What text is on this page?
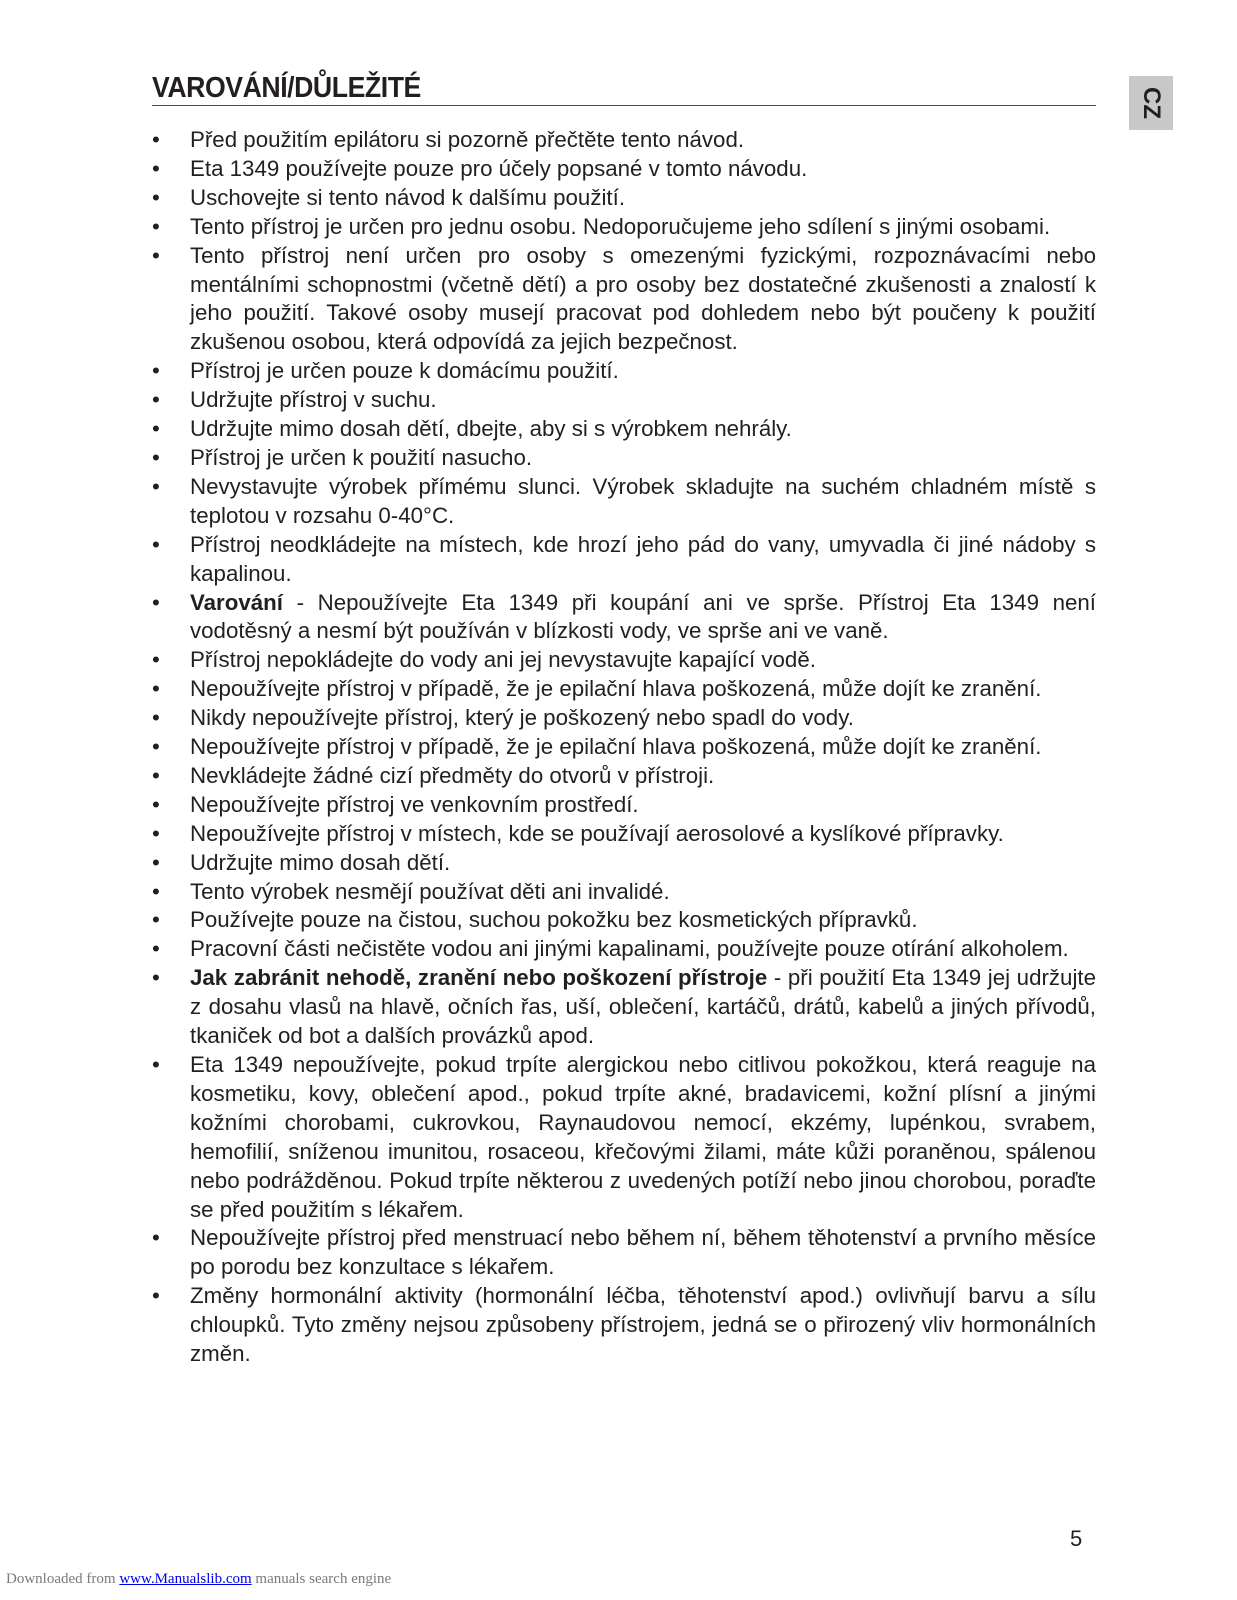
VAROVÁNÍ/DŮLEŽITÉ	CZ
• Před použitím epilátoru si pozorně přečtěte tento návod.
• Eta 1349 používejte pouze pro účely popsané v tomto návodu.
• Uschovejte si tento návod k dalšímu použití.
• Tento přístroj je určen pro jednu osobu. Nedoporučujeme jeho sdílení s jinými osobami.
• Tento přístroj není určen pro osoby s omezenými fyzickými, rozpoznávacími nebo mentálními schopnostmi (včetně dětí) a pro osoby bez dostatečné zkušenosti a znalostí k jeho použití. Takové osoby musejí pracovat pod dohledem nebo být poučeny k použití zkušenou osobou, která odpovídá za jejich bezpečnost.
• Přístroj je určen pouze k domácímu použití.
• Udržujte přístroj v suchu.
• Udržujte mimo dosah dětí, dbejte, aby si s výrobkem nehrály.
• Přístroj je určen k použití nasucho.
• Nevystavujte výrobek přímému slunci. Výrobek skladujte na suchém chladném místě s teplotou v rozsahu 0-40°C.
• Přístroj neodkládejte na místech, kde hrozí jeho pád do vany, umyvadla či jiné nádoby s kapalinou.
• Varování - Nepoužívejte Eta 1349 při koupání ani ve sprše. Přístroj Eta 1349 není vodotěsný a nesmí být používán v blízkosti vody, ve sprše ani ve vaně.
• Přístroj nepokládejte do vody ani jej nevystavujte kapající vodě.
• Nepoužívejte přístroj v případě, že je epilační hlava poškozená, může dojít ke zranění.
• Nikdy nepoužívejte přístroj, který je poškozený nebo spadl do vody.
• Nepoužívejte přístroj v případě, že je epilační hlava poškozená, může dojít ke zranění.
• Nevkládejte žádné cizí předměty do otvorů v přístroji.
• Nepoužívejte přístroj ve venkovním prostředí.
• Nepoužívejte přístroj v místech, kde se používají aerosolové a kyslíkové přípravky.
• Udržujte mimo dosah dětí.
• Tento výrobek nesmějí používat děti ani invalidé.
• Používejte pouze na čistou, suchou pokožku bez kosmetických přípravků.
• Pracovní části nečistěte vodou ani jinými kapalinami, používejte pouze otírání alkoholem.
• Jak zabránit nehodě, zranění nebo poškození přístroje - při použití Eta 1349 jej udržujte z dosahu vlasů na hlavě, očních řas, uší, oblečení, kartáčů, drátů, kabelů a jiných přívodů, tkaniček od bot a dalších provázků apod.
• Eta 1349 nepoužívejte, pokud trpíte alergickou nebo citlivou pokožkou, která reaguje na kosmetiku, kovy, oblečení apod., pokud trpíte akné, bradavicemi, kožní plísní a jinými kožními chorobami, cukrovkou, Raynaudovou nemocí, ekzémy, lupénkou, svrabem, hemofilií, sníženou imunitou, rosaceou, křečovými žilami, máte kůži poraněnou, spálenou nebo podrážděnou. Pokud trpíte některou z uvedených potíží nebo jinou chorobou, poraďte se před použitím s lékařem.
• Nepoužívejte přístroj před menstruací nebo během ní, během těhotenství a prvního měsíce po porodu bez konzultace s lékařem.
• Změny hormonální aktivity (hormonální léčba, těhotenství apod.) ovlivňují barvu a sílu chloupků. Tyto změny nejsou způsobeny přístrojem, jedná se o přirozený vliv hormonálních změn.
5
Downloaded from www.Manualslib.com manuals search engine
